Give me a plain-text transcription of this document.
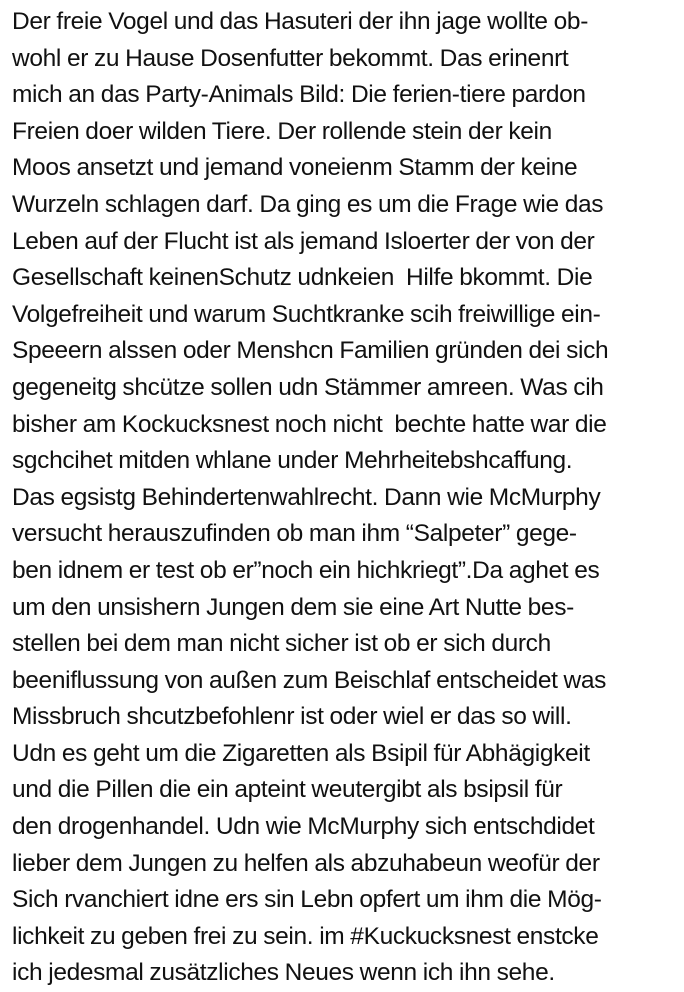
Der freie Vogel und das Hasuteri der ihn jage wollte ob-
wohl er zu Hause Dosenfutter bekommt. Das erinenrt
mich an das Party-Animals Bild: Die ferien-tiere pardon
Freien doer wilden Tiere. Der rollende stein der kein
Moos ansetzt und jemand voneienm Stamm der keine
Wurzeln schlagen darf. Da ging es um die Frage wie das
Leben auf der Flucht ist als jemand Isloerter der von der
Gesellschaft keinenSchutz udnkeien  Hilfe bkommt. Die
Volgefreiheit und warum Suchtkranke scih freiwillige ein-
Speeern alssen oder Menshcn Familien gründen dei sich
gegeneitg shcütze sollen udn Stämmer amreen. Was cih
bisher am Kockucksnest noch nicht  bechte hatte war die
sgchcihet mitden whlane under Mehrheitebshcaffung.
Das egsistg Behindertenwahlrecht. Dann wie McMurphy
versucht herauszufinden ob man ihm “Salpeter” gege-
ben idnem er test ob er”noch ein hichkriegt”.Da aghet es
um den unsishern Jungen dem sie eine Art Nutte bes-
stellen bei dem man nicht sicher ist ob er sich durch
beeniflussung von außen zum Beischlaf entscheidet was
Missbruch shcutzbefohlenr ist oder wiel er das so will.
Udn es geht um die Zigaretten als Bsipil für Abhägigkeit
und die Pillen die ein apteint weutergibt als bsipsil für
den drogenhandel. Udn wie McMurphy sich entschdidet
lieber dem Jungen zu helfen als abzuhabeun weofür der
Sich rvanchiert idne ers sin Lebn opfert um ihm die Mög-
lichkeit zu geben frei zu sein. im #Kuckucksnest enstcke
ich jedesmal zusätzliches Neues wenn ich ihn sehe.
